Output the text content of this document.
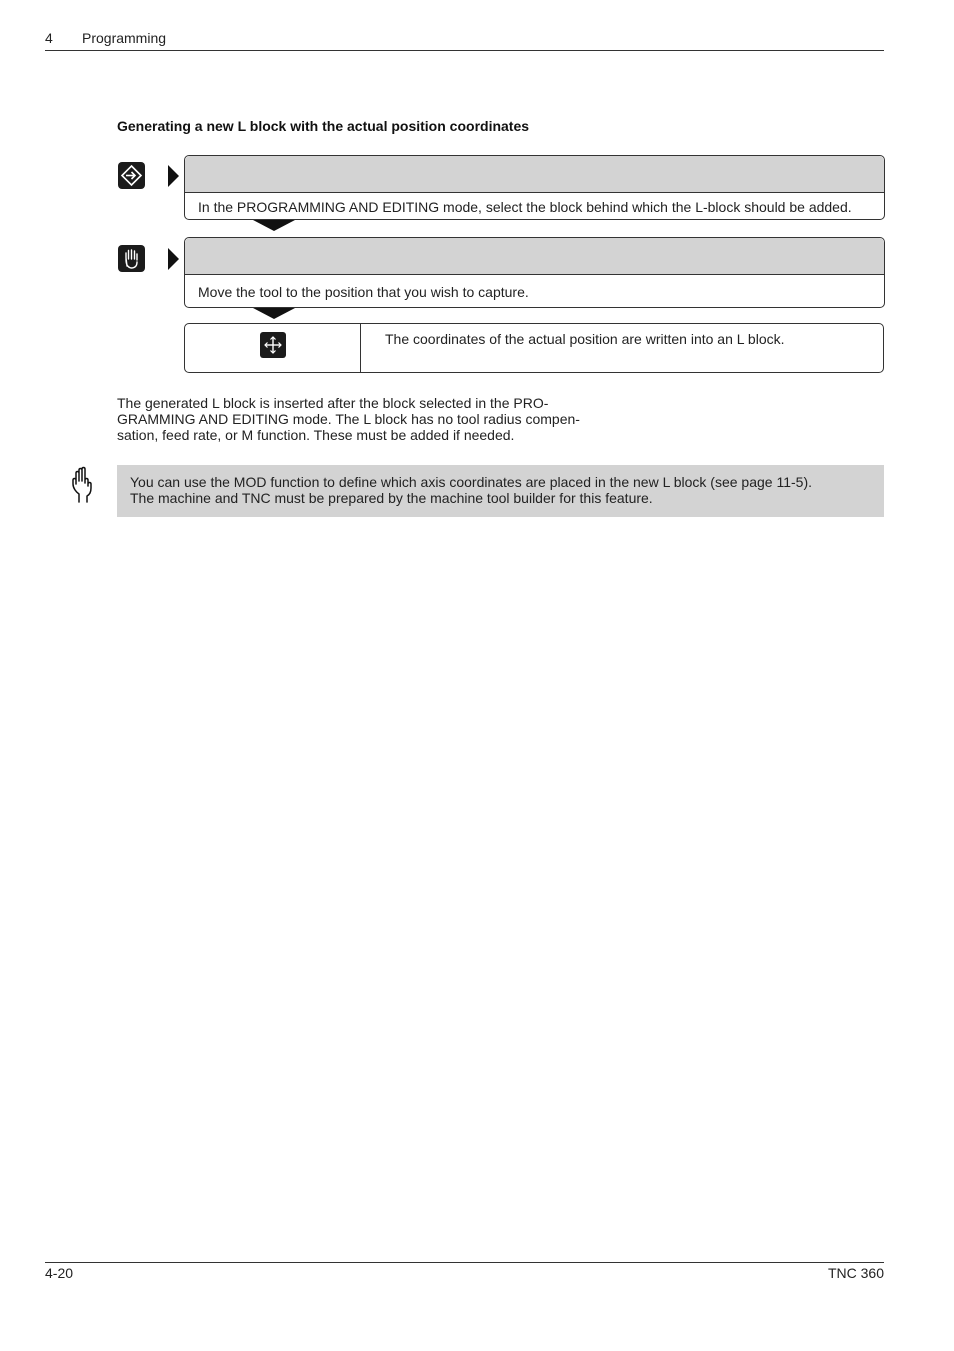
4 Programming
Generating a new L block with the actual position coordinates
In the PROGRAMMING AND EDITING mode, select the block behind which the L-block should be added.
Move the tool to the position that you wish to capture.
The coordinates of the actual position are written into an L block.
The generated L block is inserted after the block selected in the PRO-
GRAMMING AND EDITING mode. The L block has no tool radius compen-
sation, feed rate, or M function. These must be added if needed.
You can use the MOD function to define which axis coordinates are placed in the new L block (see page 11-5).
The machine and TNC must be prepared by the machine tool builder for this feature.
4-20	TNC 360
